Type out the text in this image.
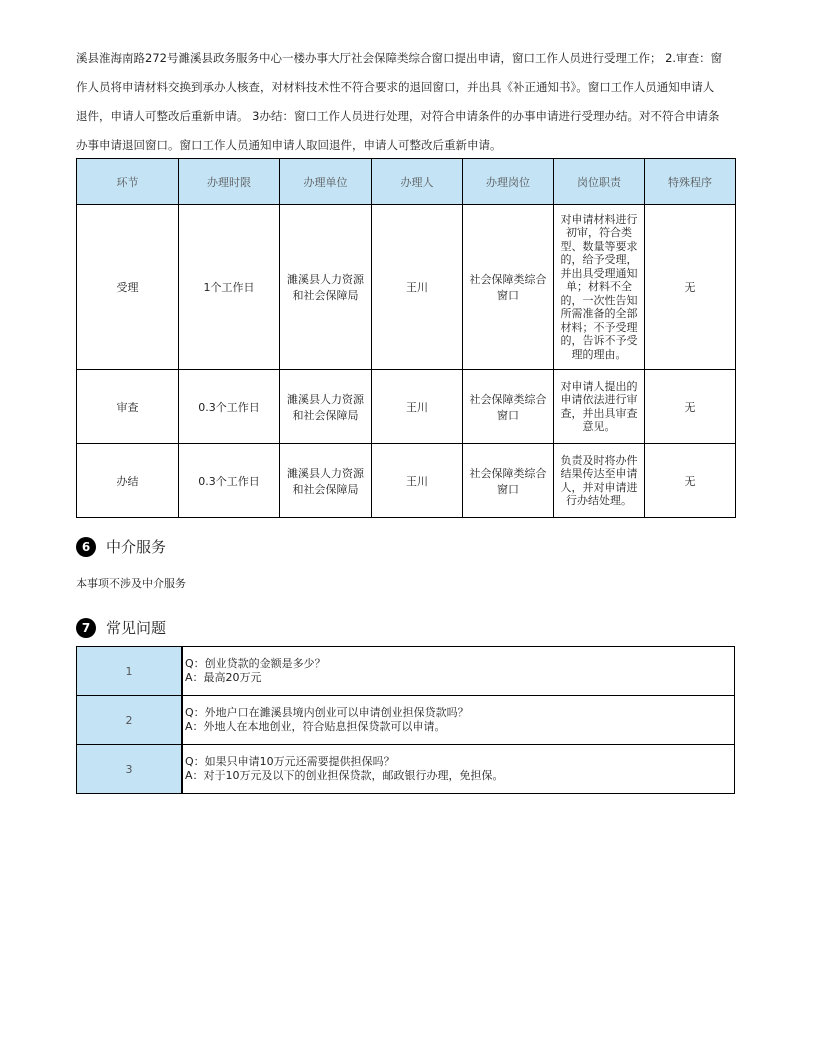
溪县淮海南路272号濉溪县政务服务中心一楼办事大厅社会保障类综合窗口提出申请，窗口工作人员进行受理工作； 2.审查：窗
作人员将申请材料交换到承办人核查，对材料技术性不符合要求的退回窗口，并出具《补正通知书》。窗口工作人员通知申请人
退件，申请人可整改后重新申请。 3办结：窗口工作人员进行处理，对符合申请条件的办事申请进行受理办结。对不符合申请条
办事申请退回窗口。窗口工作人员通知申请人取回退件，申请人可整改后重新申请。
环节	办理时限	办理单位	办理人	办理岗位	岗位职责	特殊程序
受理	1个工作日	濉溪县人力资源和社会保障局	王川	社会保障类综合窗口	对申请材料进行初审，符合类型、数量等要求的，给予受理，并出具受理通知单；材料不全的，一次性告知所需准备的全部材料；不予受理的，告诉不予受理的理由。	无
审查	0.3个工作日	濉溪县人力资源和社会保障局	王川	社会保障类综合窗口	对申请人提出的申请依法进行审查，并出具审查意见。	无
办结	0.3个工作日	濉溪县人力资源和社会保障局	王川	社会保障类综合窗口	负责及时将办件结果传达至申请人，并对申请进行办结处理。	无
6	中介服务
本事项不涉及中介服务
7	常见问题
1	Q：创业贷款的金额是多少？
A：最高20万元

2	Q：外地户口在濉溪县境内创业可以申请创业担保贷款吗？
A：外地人在本地创业，符合贴息担保贷款可以申请。

3	Q：如果只申请10万元还需要提供担保吗？
A：对于10万元及以下的创业担保贷款，邮政银行办理，免担保。
